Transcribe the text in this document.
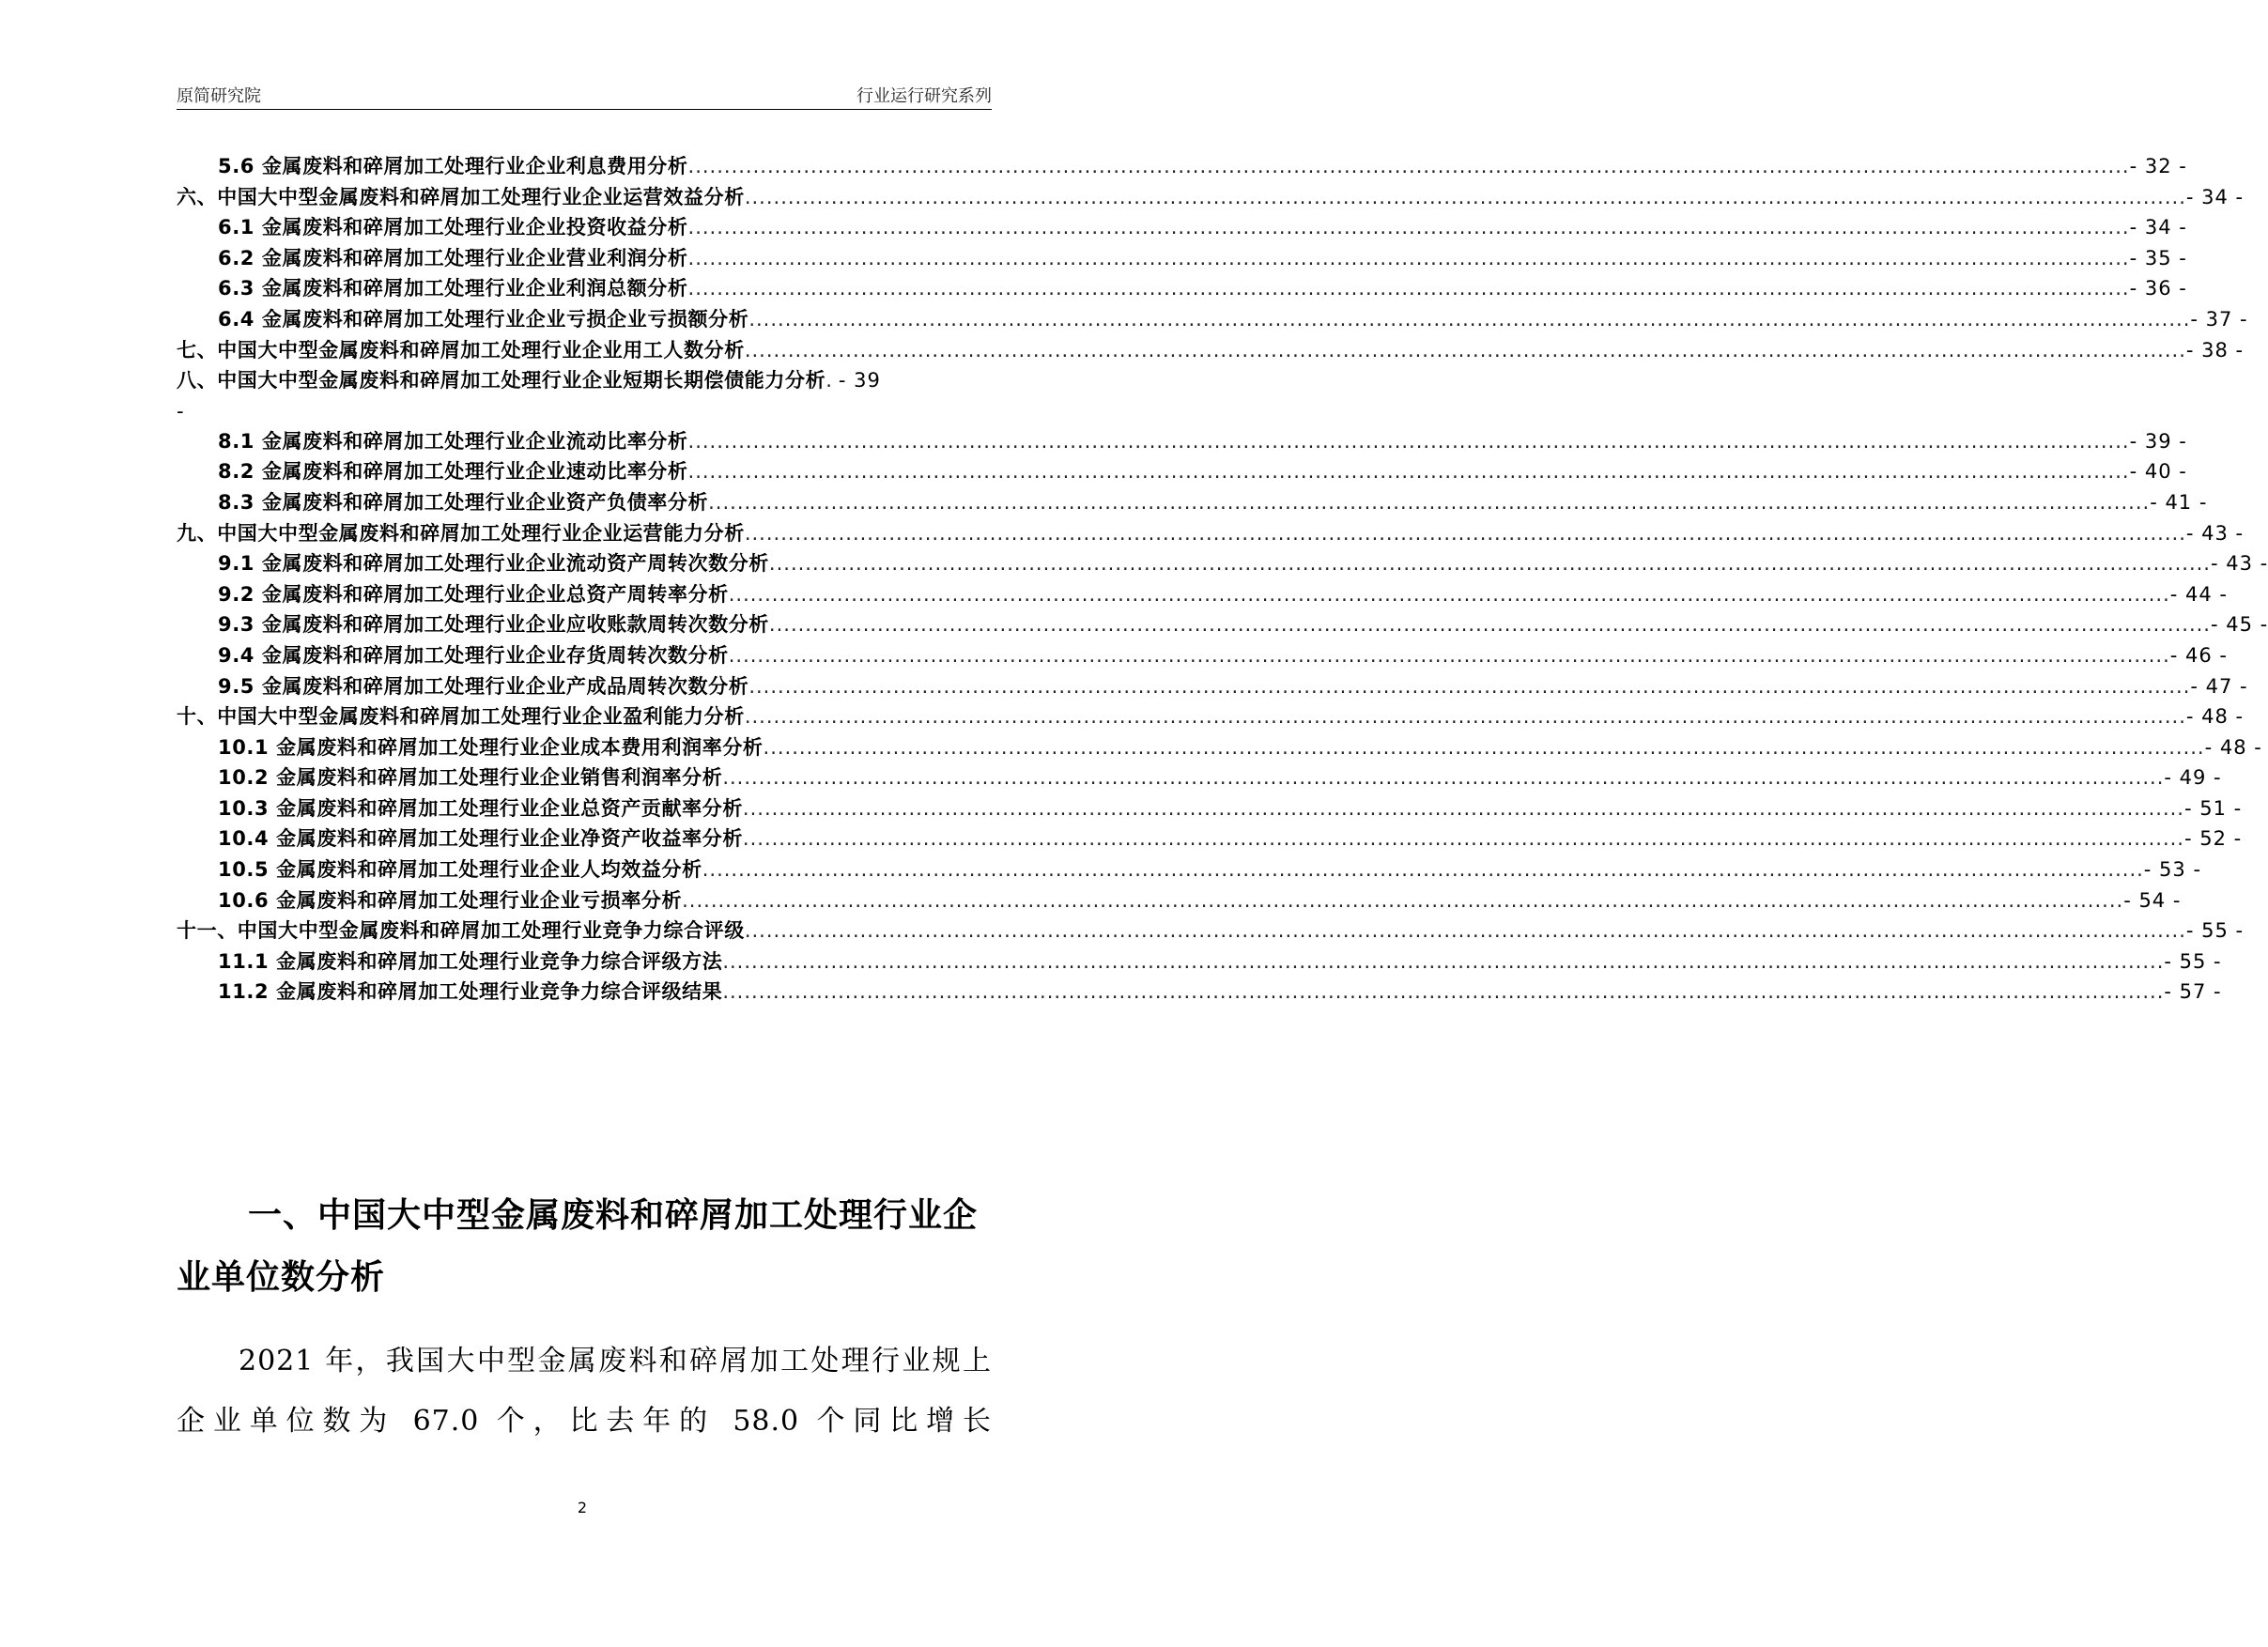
原简研究院	行业运行研究系列
5.6 金属废料和碎屑加工处理行业企业利息费用分析 ........................................................................................................................................................................................................ - 32 -
六、中国大中型金属废料和碎屑加工处理行业企业运营效益分析 ........................................................................................................................................................................................................ - 34 -
6.1 金属废料和碎屑加工处理行业企业投资收益分析 ........................................................................................................................................................................................................ - 34 -
6.2 金属废料和碎屑加工处理行业企业营业利润分析 ........................................................................................................................................................................................................ - 35 -
6.3 金属废料和碎屑加工处理行业企业利润总额分析 ........................................................................................................................................................................................................ - 36 -
6.4 金属废料和碎屑加工处理行业企业亏损企业亏损额分析 ........................................................................................................................................................................................................ - 37 -
七、中国大中型金属废料和碎屑加工处理行业企业用工人数分析 ........................................................................................................................................................................................................ - 38 -
八、中国大中型金属废料和碎屑加工处理行业企业短期长期偿债能力分析 . - 39
-
8.1 金属废料和碎屑加工处理行业企业流动比率分析 ........................................................................................................................................................................................................ - 39 -
8.2 金属废料和碎屑加工处理行业企业速动比率分析 ........................................................................................................................................................................................................ - 40 -
8.3 金属废料和碎屑加工处理行业企业资产负债率分析 ........................................................................................................................................................................................................ - 41 -
九、中国大中型金属废料和碎屑加工处理行业企业运营能力分析 ........................................................................................................................................................................................................ - 43 -
9.1 金属废料和碎屑加工处理行业企业流动资产周转次数分析 ........................................................................................................................................................................................................ - 43 -
9.2 金属废料和碎屑加工处理行业企业总资产周转率分析 ........................................................................................................................................................................................................ - 44 -
9.3 金属废料和碎屑加工处理行业企业应收账款周转次数分析 ........................................................................................................................................................................................................ - 45 -
9.4 金属废料和碎屑加工处理行业企业存货周转次数分析 ........................................................................................................................................................................................................ - 46 -
9.5 金属废料和碎屑加工处理行业企业产成品周转次数分析 ........................................................................................................................................................................................................ - 47 -
十、中国大中型金属废料和碎屑加工处理行业企业盈利能力分析 ........................................................................................................................................................................................................ - 48 -
10.1 金属废料和碎屑加工处理行业企业成本费用利润率分析 ........................................................................................................................................................................................................ - 48 -
10.2 金属废料和碎屑加工处理行业企业销售利润率分析 ........................................................................................................................................................................................................ - 49 -
10.3 金属废料和碎屑加工处理行业企业总资产贡献率分析 ........................................................................................................................................................................................................ - 51 -
10.4 金属废料和碎屑加工处理行业企业净资产收益率分析 ........................................................................................................................................................................................................ - 52 -
10.5 金属废料和碎屑加工处理行业企业人均效益分析 ........................................................................................................................................................................................................ - 53 -
10.6 金属废料和碎屑加工处理行业企业亏损率分析 ........................................................................................................................................................................................................ - 54 -
十一、中国大中型金属废料和碎屑加工处理行业竞争力综合评级 ........................................................................................................................................................................................................ - 55 -
11.1 金属废料和碎屑加工处理行业竞争力综合评级方法 ........................................................................................................................................................................................................ - 55 -
11.2 金属废料和碎屑加工处理行业竞争力综合评级结果 ........................................................................................................................................................................................................ - 57 -
一、中国大中型金属废料和碎屑加工处理行业企业单位数分析

2021 年，我国大中型金属废料和碎屑加工处理行业规上企业单位数为 67.0 个，比去年的 58.0 个同比增长

2
